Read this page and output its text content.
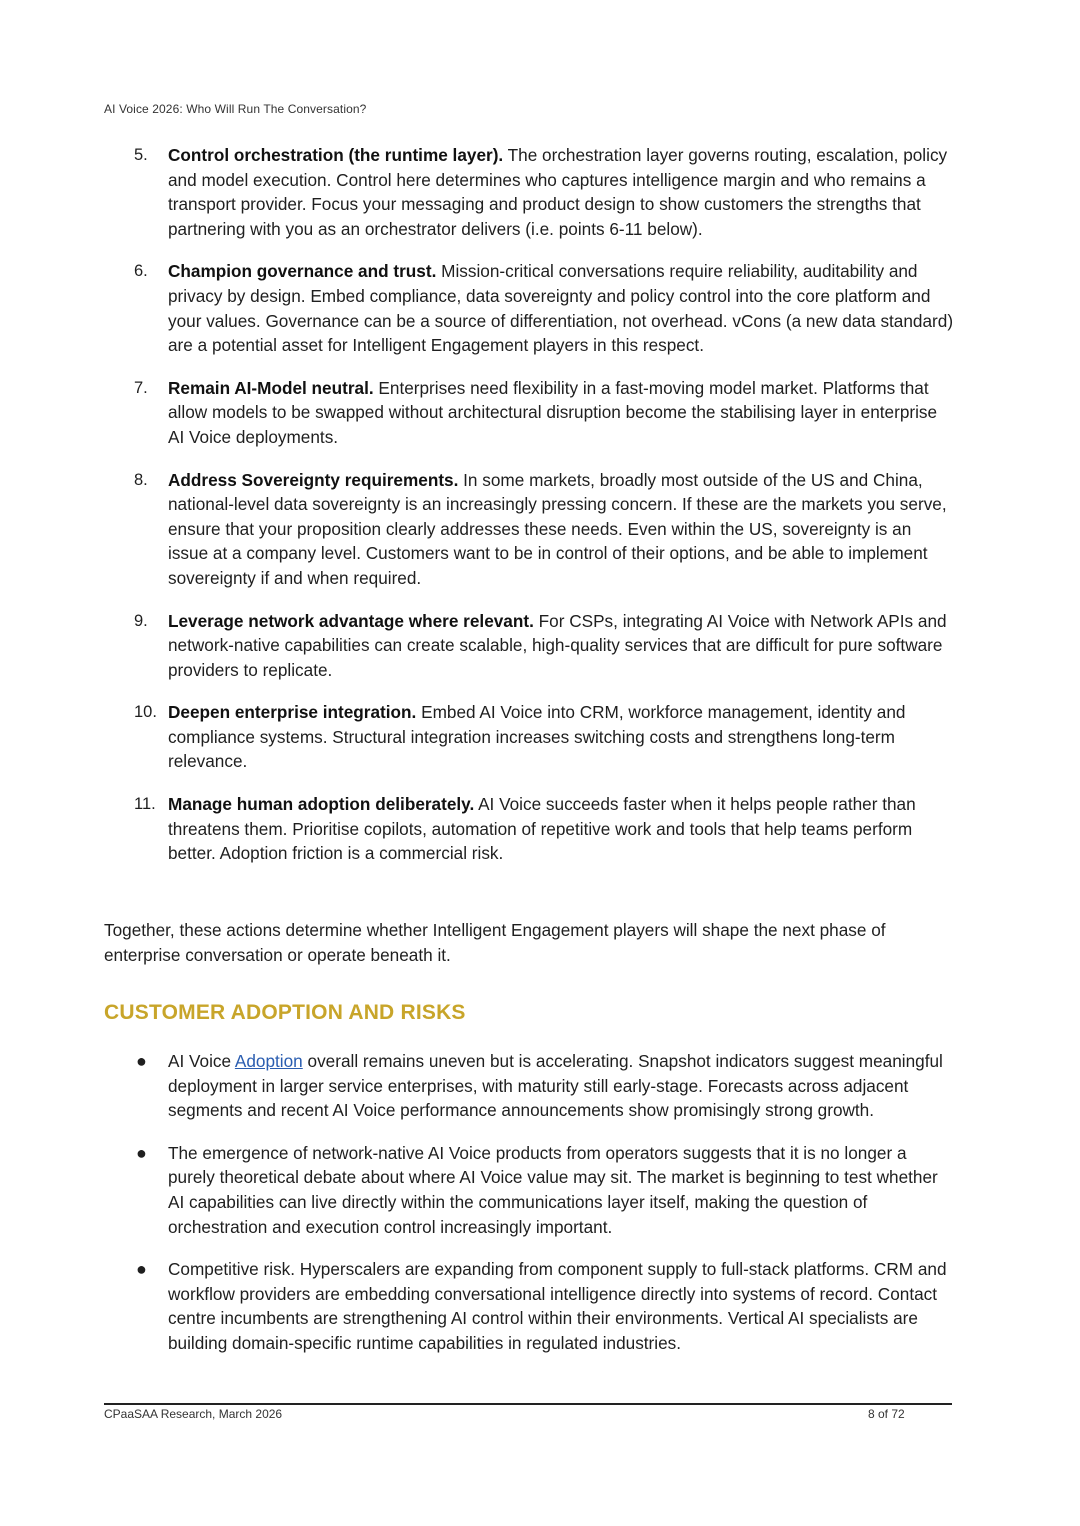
AI Voice 2026: Who Will Run The Conversation?
5.	Control orchestration (the runtime layer). The orchestration layer governs routing, escalation, policy and model execution. Control here determines who captures intelligence margin and who remains a transport provider. Focus your messaging and product design to show customers the strengths that partnering with you as an orchestrator delivers (i.e. points 6-11 below).
6.	Champion governance and trust. Mission-critical conversations require reliability, auditability and privacy by design. Embed compliance, data sovereignty and policy control into the core platform and your values. Governance can be a source of differentiation, not overhead. vCons (a new data standard) are a potential asset for Intelligent Engagement players in this respect.
7.	Remain AI-Model neutral. Enterprises need flexibility in a fast-moving model market. Platforms that allow models to be swapped without architectural disruption become the stabilising layer in enterprise AI Voice deployments.
8.	Address Sovereignty requirements. In some markets, broadly most outside of the US and China, national-level data sovereignty is an increasingly pressing concern. If these are the markets you serve, ensure that your proposition clearly addresses these needs. Even within the US, sovereignty is an issue at a company level. Customers want to be in control of their options, and be able to implement sovereignty if and when required.
9.	Leverage network advantage where relevant. For CSPs, integrating AI Voice with Network APIs and network-native capabilities can create scalable, high-quality services that are difficult for pure software providers to replicate.
10. Deepen enterprise integration. Embed AI Voice into CRM, workforce management, identity and compliance systems. Structural integration increases switching costs and strengthens long-term relevance.
11. Manage human adoption deliberately. AI Voice succeeds faster when it helps people rather than threatens them. Prioritise copilots, automation of repetitive work and tools that help teams perform better. Adoption friction is a commercial risk.

Together, these actions determine whether Intelligent Engagement players will shape the next phase of enterprise conversation or operate beneath it.

CUSTOMER ADOPTION AND RISKS
●	AI Voice Adoption overall remains uneven but is accelerating. Snapshot indicators suggest meaningful deployment in larger service enterprises, with maturity still early-stage. Forecasts across adjacent segments and recent AI Voice performance announcements show promisingly strong growth.
●	The emergence of network-native AI Voice products from operators suggests that it is no longer a purely theoretical debate about where AI Voice value may sit. The market is beginning to test whether AI capabilities can live directly within the communications layer itself, making the question of orchestration and execution control increasingly important.
●	Competitive risk. Hyperscalers are expanding from component supply to full-stack platforms. CRM and workflow providers are embedding conversational intelligence directly into systems of record. Contact centre incumbents are strengthening AI control within their environments. Vertical AI specialists are building domain-specific runtime capabilities in regulated industries.
CPaaSAA Research, March 2026	8 of 72
